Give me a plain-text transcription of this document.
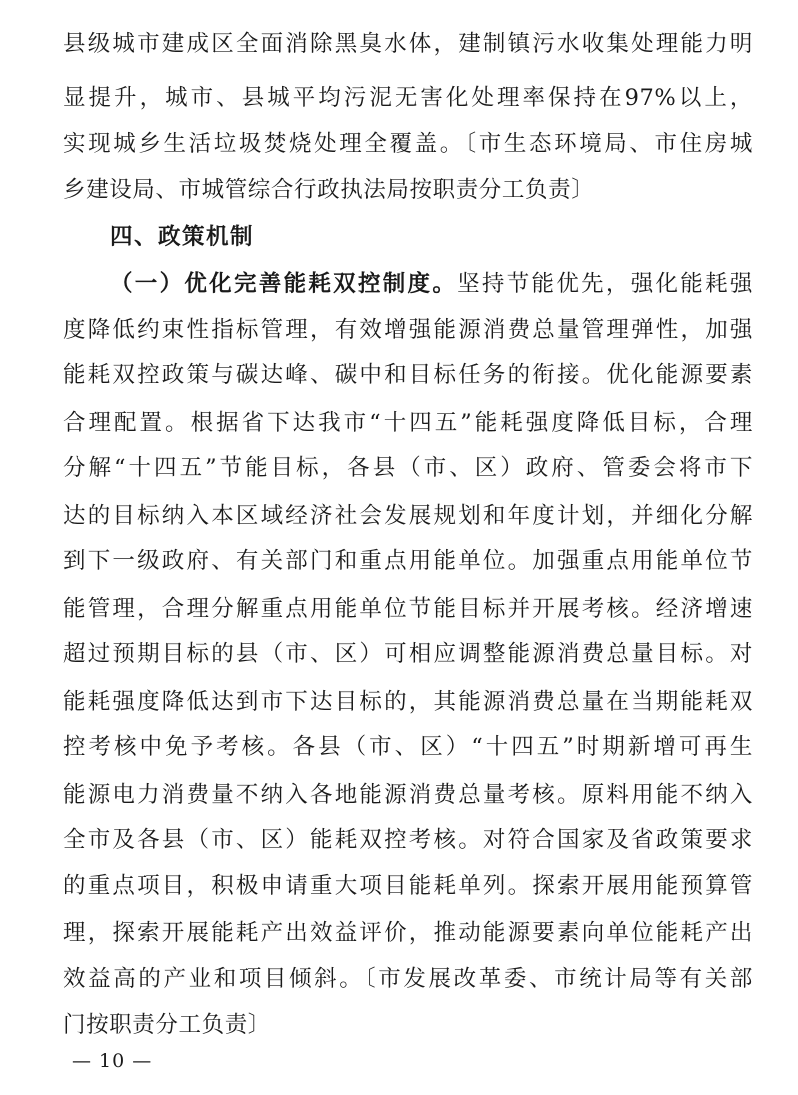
县级城市建成区全面消除黑臭水体，建制镇污水收集处理能力明
显提升，城市、县城平均污泥无害化处理率保持在97%以上，
实现城乡生活垃圾焚烧处理全覆盖。〔市生态环境局、市住房城
乡建设局、市城管综合行政执法局按职责分工负责〕
四、政策机制
（一）优化完善能耗双控制度。坚持节能优先，强化能耗强
度降低约束性指标管理，有效增强能源消费总量管理弹性，加强
能耗双控政策与碳达峰、碳中和目标任务的衔接。优化能源要素
合理配置。根据省下达我市“十四五”能耗强度降低目标，合理
分解“十四五”节能目标，各县（市、区）政府、管委会将市下
达的目标纳入本区域经济社会发展规划和年度计划，并细化分解
到下一级政府、有关部门和重点用能单位。加强重点用能单位节
能管理，合理分解重点用能单位节能目标并开展考核。经济增速
超过预期目标的县（市、区）可相应调整能源消费总量目标。对
能耗强度降低达到市下达目标的，其能源消费总量在当期能耗双
控考核中免予考核。各县（市、区）“十四五”时期新增可再生
能源电力消费量不纳入各地能源消费总量考核。原料用能不纳入
全市及各县（市、区）能耗双控考核。对符合国家及省政策要求
的重点项目，积极申请重大项目能耗单列。探索开展用能预算管
理，探索开展能耗产出效益评价，推动能源要素向单位能耗产出
效益高的产业和项目倾斜。〔市发展改革委、市统计局等有关部
门按职责分工负责〕
— 10 —
